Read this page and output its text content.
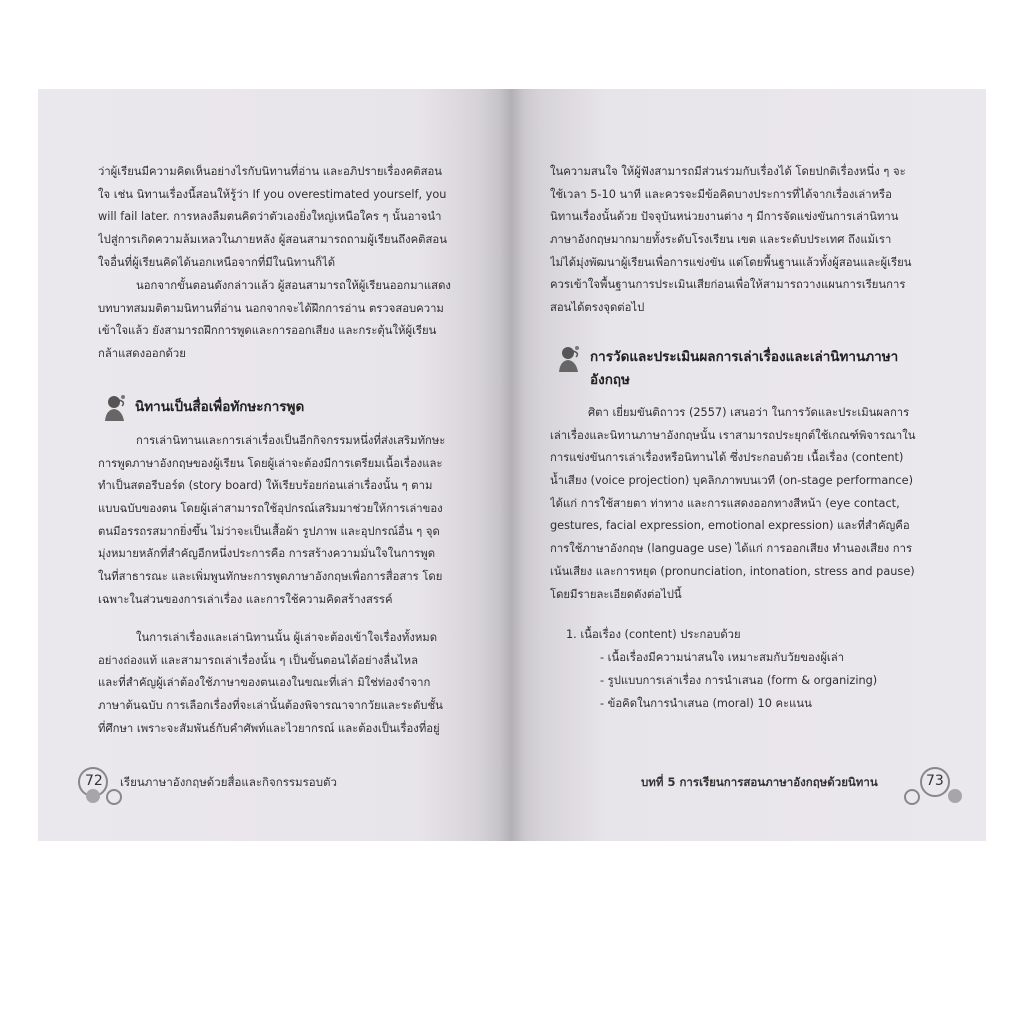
ว่าผู้เรียนมีความคิดเห็นอย่างไรกับนิทานที่อ่าน และอภิปรายเรื่องคติสอน
ใจ เช่น นิทานเรื่องนี้สอนให้รู้ว่า If you overestimated yourself, you
will fail later. การหลงลืมตนคิดว่าตัวเองยิ่งใหญ่เหนือใคร ๆ นั้นอาจนำ
ไปสู่การเกิดความล้มเหลวในภายหลัง ผู้สอนสามารถถามผู้เรียนถึงคติสอน
ใจอื่นที่ผู้เรียนคิดได้นอกเหนือจากที่มีในนิทานก็ได้
นอกจากขั้นตอนดังกล่าวแล้ว ผู้สอนสามารถให้ผู้เรียนออกมาแสดง
บทบาทสมมติตามนิทานที่อ่าน นอกจากจะได้ฝึกการอ่าน ตรวจสอบความ
เข้าใจแล้ว ยังสามารถฝึกการพูดและการออกเสียง และกระตุ้นให้ผู้เรียน
กล้าแสดงออกด้วย
นิทานเป็นสื่อเพื่อทักษะการพูด
การเล่านิทานและการเล่าเรื่องเป็นอีกกิจกรรมหนึ่งที่ส่งเสริมทักษะ
การพูดภาษาอังกฤษของผู้เรียน โดยผู้เล่าจะต้องมีการเตรียมเนื้อเรื่องและ
ทำเป็นสตอรีบอร์ด (story board) ให้เรียบร้อยก่อนเล่าเรื่องนั้น ๆ ตาม
แบบฉบับของตน โดยผู้เล่าสามารถใช้อุปกรณ์เสริมมาช่วยให้การเล่าของ
ตนมีอรรถรสมากยิ่งขึ้น ไม่ว่าจะเป็นเสื้อผ้า รูปภาพ และอุปกรณ์อื่น ๆ จุด
มุ่งหมายหลักที่สำคัญอีกหนึ่งประการคือ การสร้างความมั่นใจในการพูด
ในที่สาธารณะ และเพิ่มพูนทักษะการพูดภาษาอังกฤษเพื่อการสื่อสาร โดย
เฉพาะในส่วนของการเล่าเรื่อง และการใช้ความคิดสร้างสรรค์
ในการเล่าเรื่องและเล่านิทานนั้น ผู้เล่าจะต้องเข้าใจเรื่องทั้งหมด
อย่างถ่องแท้ และสามารถเล่าเรื่องนั้น ๆ เป็นขั้นตอนได้อย่างลื่นไหล
และที่สำคัญผู้เล่าต้องใช้ภาษาของตนเองในขณะที่เล่า มิใช่ท่องจำจาก
ภาษาต้นฉบับ การเลือกเรื่องที่จะเล่านั้นต้องพิจารณาจากวัยและระดับชั้น
ที่ศึกษา เพราะจะสัมพันธ์กับคำศัพท์และไวยากรณ์ และต้องเป็นเรื่องที่อยู่
72 เรียนภาษาอังกฤษด้วยสื่อและกิจกรรมรอบตัว
ในความสนใจ ให้ผู้ฟังสามารถมีส่วนร่วมกับเรื่องได้ โดยปกติเรื่องหนึ่ง ๆ จะ
ใช้เวลา 5-10 นาที และควรจะมีข้อคิดบางประการที่ได้จากเรื่องเล่าหรือ
นิทานเรื่องนั้นด้วย ปัจจุบันหน่วยงานต่าง ๆ มีการจัดแข่งขันการเล่านิทาน
ภาษาอังกฤษมากมายทั้งระดับโรงเรียน เขต และระดับประเทศ ถึงแม้เรา
ไม่ได้มุ่งพัฒนาผู้เรียนเพื่อการแข่งขัน แต่โดยพื้นฐานแล้วทั้งผู้สอนและผู้เรียน
ควรเข้าใจพื้นฐานการประเมินเสียก่อนเพื่อให้สามารถวางแผนการเรียนการ
สอนได้ตรงจุดต่อไป
การวัดและประเมินผลการเล่าเรื่องและเล่านิทานภาษา
อังกฤษ
ศิตา เยี่ยมขันติถาวร (2557) เสนอว่า ในการวัดและประเมินผลการ
เล่าเรื่องและนิทานภาษาอังกฤษนั้น เราสามารถประยุกต์ใช้เกณฑ์พิจารณาใน
การแข่งขันการเล่าเรื่องหรือนิทานได้ ซึ่งประกอบด้วย เนื้อเรื่อง (content)
น้ำเสียง (voice projection) บุคลิกภาพบนเวที (on-stage performance)
ได้แก่ การใช้สายตา ท่าทาง และการแสดงออกทางสีหน้า (eye contact,
gestures, facial expression, emotional expression) และที่สำคัญคือ
การใช้ภาษาอังกฤษ (language use) ได้แก่ การออกเสียง ทำนองเสียง การ
เน้นเสียง และการหยุด (pronunciation, intonation, stress and pause)
โดยมีรายละเอียดดังต่อไปนี้
1. เนื้อเรื่อง (content) ประกอบด้วย
- เนื้อเรื่องมีความน่าสนใจ เหมาะสมกับวัยของผู้เล่า
- รูปแบบการเล่าเรื่อง การนำเสนอ (form & organizing)
- ข้อคิดในการนำเสนอ (moral) 10 คะแนน
บทที่ 5 การเรียนการสอนภาษาอังกฤษด้วยนิทาน	73
